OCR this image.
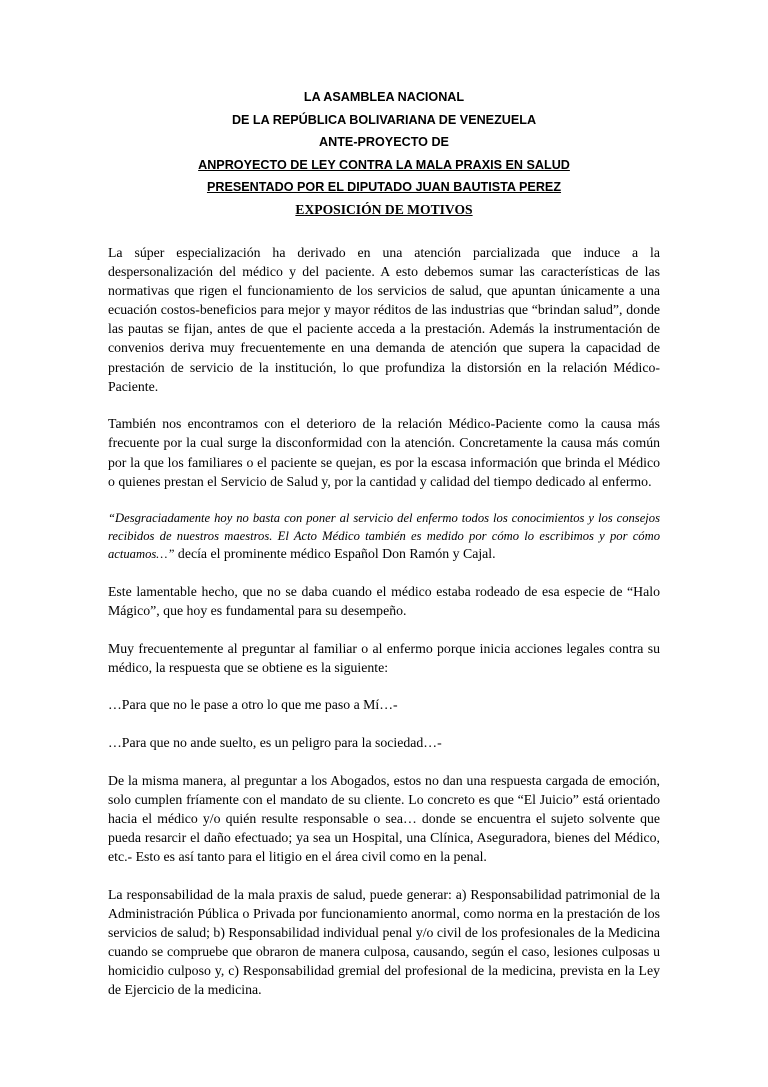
LA ASAMBLEA NACIONAL
DE LA REPÚBLICA BOLIVARIANA DE VENEZUELA
ANTE-PROYECTO DE
ANPROYECTO DE LEY CONTRA LA MALA PRAXIS EN SALUD
PRESENTADO POR EL DIPUTADO JUAN BAUTISTA PEREZ
EXPOSICIÓN DE MOTIVOS

La súper especialización ha derivado en una atención parcializada que induce a la despersonalización del médico y del paciente. A esto debemos sumar las características de las normativas que rigen el funcionamiento de los servicios de salud, que apuntan únicamente a una ecuación costos-beneficios para mejor y mayor réditos de las industrias que “brindan salud”, donde las pautas se fijan, antes de que el paciente acceda a la prestación. Además la instrumentación de convenios deriva muy frecuentemente en una demanda de atención que supera la capacidad de prestación de servicio de la institución, lo que profundiza la distorsión en la relación Médico-Paciente.

También nos encontramos con el deterioro de la relación Médico-Paciente como la causa más frecuente por la cual surge la disconformidad con la atención. Concretamente la causa más común por la que los familiares o el paciente se quejan, es por la escasa información que brinda el Médico o quienes prestan el Servicio de Salud y, por la cantidad y calidad del tiempo dedicado al enfermo.

“Desgraciadamente hoy no basta con poner al servicio del enfermo todos los conocimientos y los consejos recibidos de nuestros maestros. El Acto Médico también es medido por cómo lo escribimos y por cómo actuamos…” decía el prominente médico Español Don Ramón y Cajal.

Este lamentable hecho, que no se daba cuando el médico estaba rodeado de esa especie de “Halo Mágico”, que hoy es fundamental para su desempeño.

Muy frecuentemente al preguntar al familiar o al enfermo porque inicia acciones legales contra su médico, la respuesta que se obtiene es la siguiente:

…Para que no le pase a otro lo que me paso a Mí…-

…Para que no ande suelto, es un peligro para la sociedad…-

De la misma manera, al preguntar a los Abogados, estos no dan una respuesta cargada de emoción, solo cumplen fríamente con el mandato de su cliente. Lo concreto es que “El Juicio” está orientado hacia el médico y/o quién resulte responsable o sea… donde se encuentra el sujeto solvente que pueda resarcir el daño efectuado; ya sea un Hospital, una Clínica, Aseguradora, bienes del Médico, etc.- Esto es así tanto para el litigio en el área civil como en la penal.

La responsabilidad de la mala praxis de salud, puede generar: a) Responsabilidad patrimonial de la Administración Pública o Privada por funcionamiento anormal, como norma en la prestación de los servicios de salud; b) Responsabilidad individual penal y/o civil de los profesionales de la Medicina cuando se compruebe que obraron de manera culposa, causando, según el caso, lesiones culposas u homicidio culposo y, c) Responsabilidad gremial del profesional de la medicina, prevista en la Ley de Ejercicio de la medicina.
